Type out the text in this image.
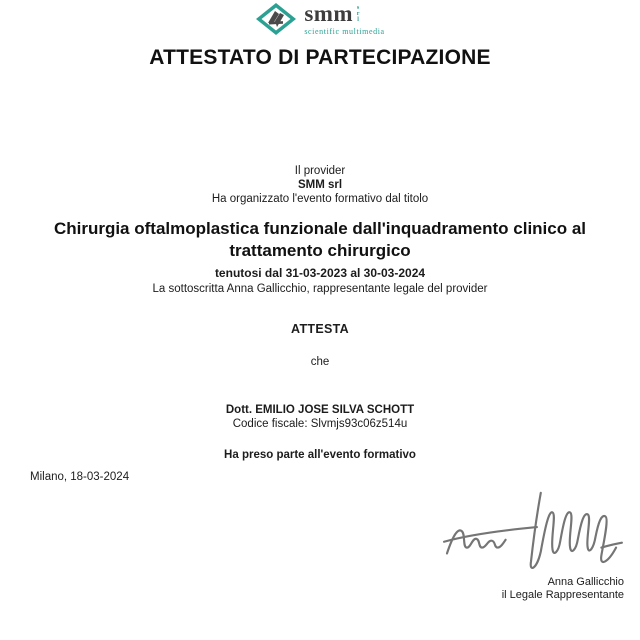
smm srl
scientific multimedia
ATTESTATO DI PARTECIPAZIONE
Il provider
SMM srl
Ha organizzato l'evento formativo dal titolo
Chirurgia oftalmoplastica funzionale dall'inquadramento clinico al trattamento chirurgico
tenutosi dal 31-03-2023 al 30-03-2024
La sottoscritta Anna Gallicchio, rappresentante legale del provider
ATTESTA
che
Dott. EMILIO JOSE SILVA SCHOTT
Codice fiscale: Slvmjs93c06z514u
Ha preso parte all'evento formativo
Milano, 18-03-2024
Anna Gallicchio
il Legale Rappresentante
